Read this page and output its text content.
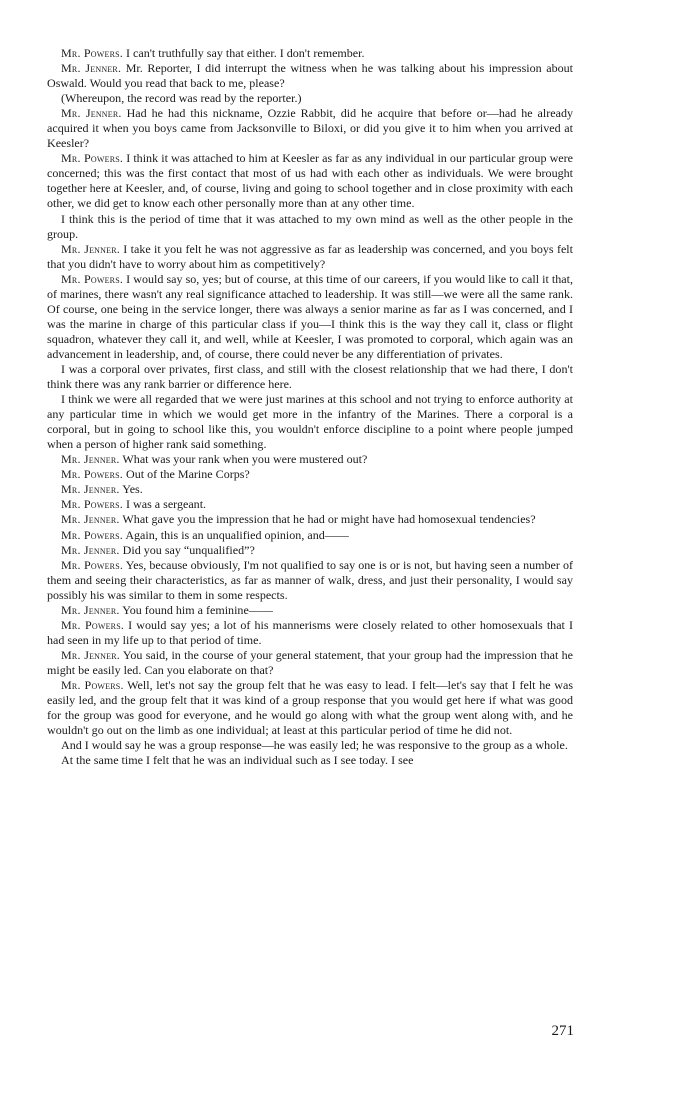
Mr. Powers. I can't truthfully say that either. I don't remember.

Mr. Jenner. Mr. Reporter, I did interrupt the witness when he was talking about his impression about Oswald. Would you read that back to me, please?

(Whereupon, the record was read by the reporter.)

Mr. Jenner. Had he had this nickname, Ozzie Rabbit, did he acquire that before or—had he already acquired it when you boys came from Jacksonville to Biloxi, or did you give it to him when you arrived at Keesler?

Mr. Powers. I think it was attached to him at Keesler as far as any individual in our particular group were concerned; this was the first contact that most of us had with each other as individuals. We were brought together here at Keesler, and, of course, living and going to school together and in close proximity with each other, we did get to know each other personally more than at any other time.

I think this is the period of time that it was attached to my own mind as well as the other people in the group.

Mr. Jenner. I take it you felt he was not aggressive as far as leadership was concerned, and you boys felt that you didn't have to worry about him as competitively?

Mr. Powers. I would say so, yes; but of course, at this time of our careers, if you would like to call it that, of marines, there wasn't any real significance attached to leadership. It was still—we were all the same rank. Of course, one being in the service longer, there was always a senior marine as far as I was concerned, and I was the marine in charge of this particular class if you—I think this is the way they call it, class or flight squadron, whatever they call it, and well, while at Keesler, I was promoted to corporal, which again was an advancement in leadership, and, of course, there could never be any differentiation of privates.

I was a corporal over privates, first class, and still with the closest relationship that we had there, I don't think there was any rank barrier or difference here.

I think we were all regarded that we were just marines at this school and not trying to enforce authority at any particular time in which we would get more in the infantry of the Marines. There a corporal is a corporal, but in going to school like this, you wouldn't enforce discipline to a point where people jumped when a person of higher rank said something.

Mr. Jenner. What was your rank when you were mustered out?

Mr. Powers. Out of the Marine Corps?

Mr. Jenner. Yes.

Mr. Powers. I was a sergeant.

Mr. Jenner. What gave you the impression that he had or might have had homosexual tendencies?

Mr. Powers. Again, this is an unqualified opinion, and——

Mr. Jenner. Did you say “unqualified”?

Mr. Powers. Yes, because obviously, I'm not qualified to say one is or is not, but having seen a number of them and seeing their characteristics, as far as manner of walk, dress, and just their personality, I would say possibly his was similar to them in some respects.

Mr. Jenner. You found him a feminine——

Mr. Powers. I would say yes; a lot of his mannerisms were closely related to other homosexuals that I had seen in my life up to that period of time.

Mr. Jenner. You said, in the course of your general statement, that your group had the impression that he might be easily led. Can you elaborate on that?

Mr. Powers. Well, let's not say the group felt that he was easy to lead. I felt—let's say that I felt he was easily led, and the group felt that it was kind of a group response that you would get here if what was good for the group was good for everyone, and he would go along with what the group went along with, and he wouldn't go out on the limb as one individual; at least at this particular period of time he did not.

And I would say he was a group response—he was easily led; he was responsive to the group as a whole.

At the same time I felt that he was an individual such as I see today. I see

271
